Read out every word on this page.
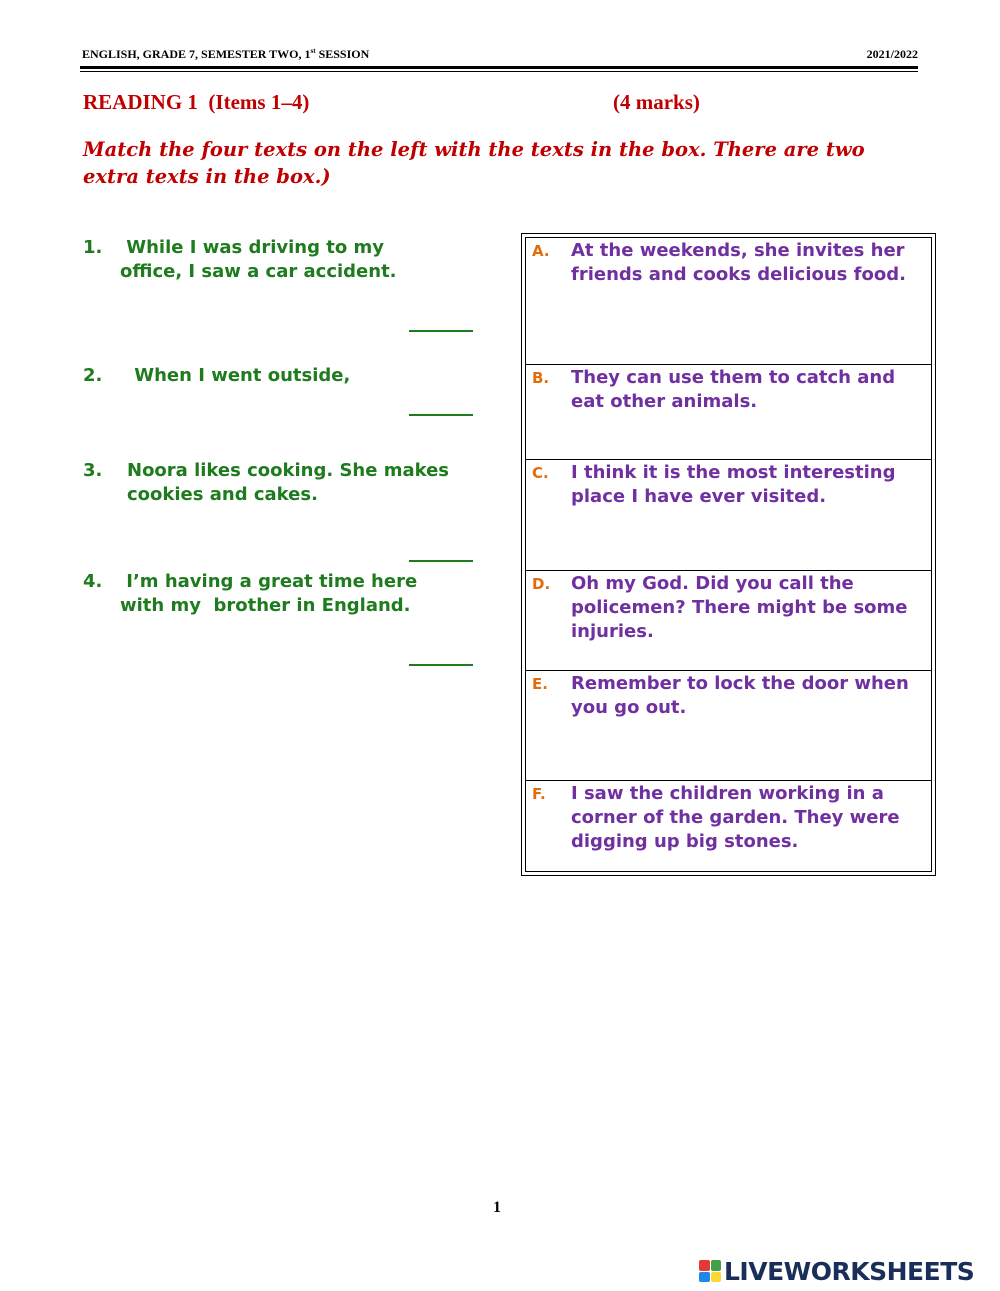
ENGLISH, GRADE 7, SEMESTER TWO, 1st SESSION	2021/2022
READING 1  (Items 1–4)	(4 marks)
Match the four texts on the left with the texts in the box. There are two extra texts in the box.)
1. While I was driving to my
office, I saw a car accident.
2. When I went outside,
3. Noora likes cooking. She makes
cookies and cakes.
4. I’m having a great time here
with my  brother in England.
A. At the weekends, she invites her friends and cooks delicious food.
B. They can use them to catch and eat other animals.
C. I think it is the most interesting place I have ever visited.
D. Oh my God. Did you call the policemen? There might be some injuries.
E. Remember to lock the door when you go out.
F. I saw the children working in a corner of the garden. They were digging up big stones.
1
LIVEWORKSHEETS
